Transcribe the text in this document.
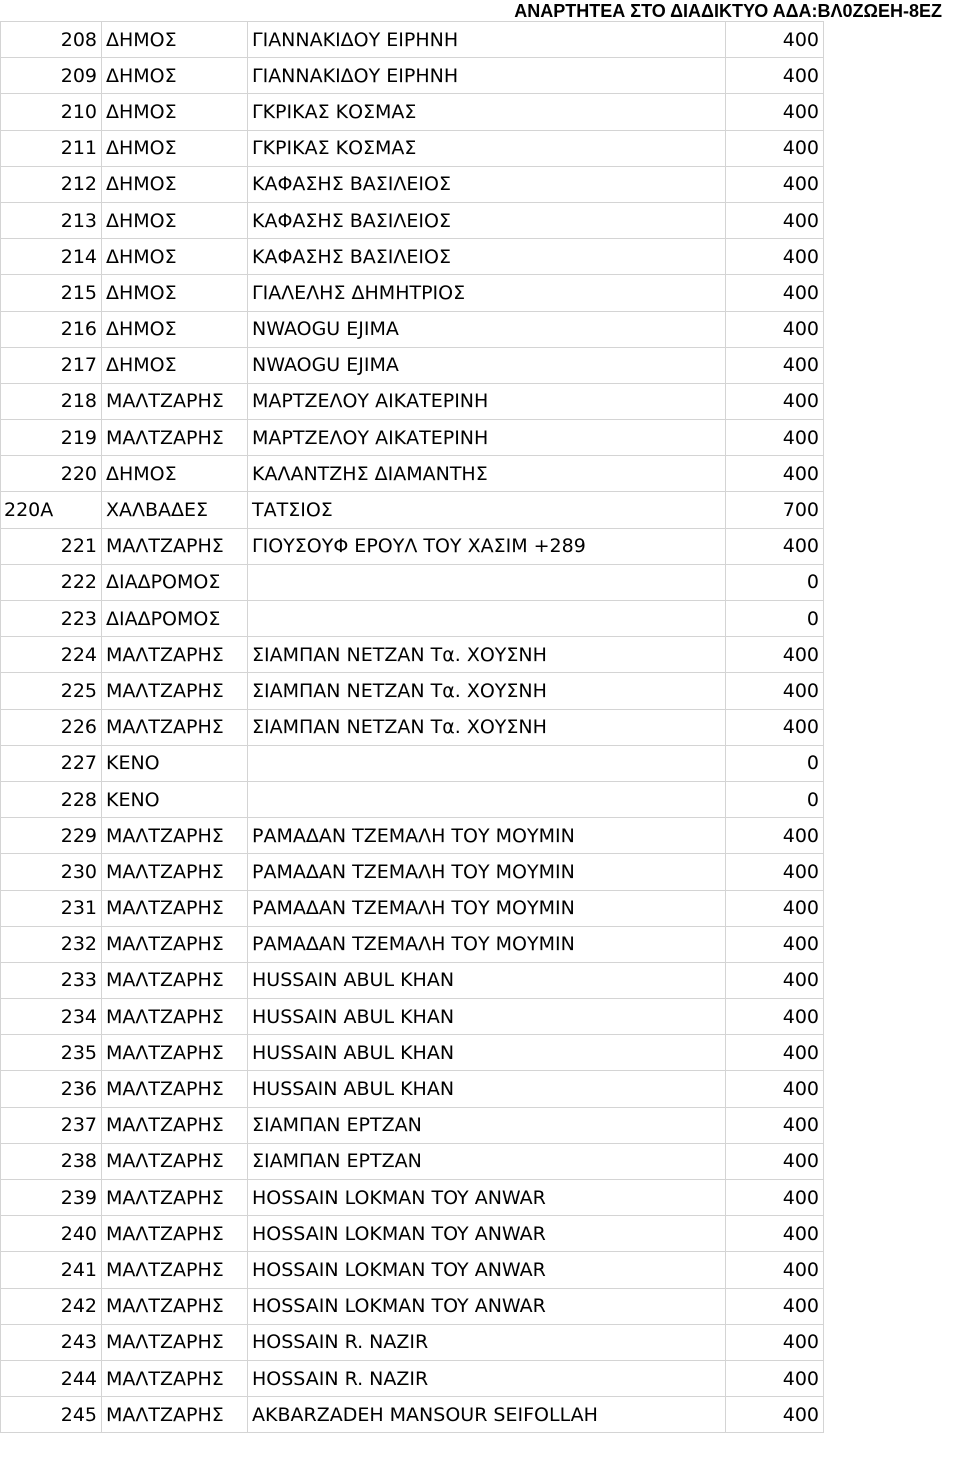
ΑΝΑΡΤΗΤΕΑ ΣΤΟ ΔΙΑΔΙΚΤΥΟ ΑΔΑ:ΒΛ0ΖΩΕΗ-8ΕΖ
208	ΔΗΜΟΣ	ΓΙΑΝΝΑΚΙΔΟΥ ΕΙΡΗΝΗ	400
209	ΔΗΜΟΣ	ΓΙΑΝΝΑΚΙΔΟΥ ΕΙΡΗΝΗ	400
210	ΔΗΜΟΣ	ΓΚΡΙΚΑΣ ΚΟΣΜΑΣ	400
211	ΔΗΜΟΣ	ΓΚΡΙΚΑΣ ΚΟΣΜΑΣ	400
212	ΔΗΜΟΣ	ΚΑΦΑΣΗΣ ΒΑΣΙΛΕΙΟΣ	400
213	ΔΗΜΟΣ	ΚΑΦΑΣΗΣ ΒΑΣΙΛΕΙΟΣ	400
214	ΔΗΜΟΣ	ΚΑΦΑΣΗΣ ΒΑΣΙΛΕΙΟΣ	400
215	ΔΗΜΟΣ	ΓΙΑΛΕΛΗΣ ΔΗΜΗΤΡΙΟΣ	400
216	ΔΗΜΟΣ	NWAOGU EJIMA	400
217	ΔΗΜΟΣ	NWAOGU EJIMA	400
218	ΜΑΛΤΖΑΡΗΣ	ΜΑΡΤΖΕΛΟΥ ΑΙΚΑΤΕΡΙΝΗ	400
219	ΜΑΛΤΖΑΡΗΣ	ΜΑΡΤΖΕΛΟΥ ΑΙΚΑΤΕΡΙΝΗ	400
220	ΔΗΜΟΣ	ΚΑΛΑΝΤΖΗΣ ΔΙΑΜΑΝΤΗΣ	400
220Α	ΧΑΛΒΑΔΕΣ	ΤΑΤΣΙΟΣ	700
221	ΜΑΛΤΖΑΡΗΣ	ΓΙΟΥΣΟΥΦ ΕΡΟΥΛ ΤΟΥ ΧΑΣΙΜ +289	400
222	ΔΙΑΔΡΟΜΟΣ		0
223	ΔΙΑΔΡΟΜΟΣ		0
224	ΜΑΛΤΖΑΡΗΣ	ΣΙΑΜΠΑΝ ΝΕΤΖΑΝ Τα. ΧΟΥΣΝΗ	400
225	ΜΑΛΤΖΑΡΗΣ	ΣΙΑΜΠΑΝ ΝΕΤΖΑΝ Τα. ΧΟΥΣΝΗ	400
226	ΜΑΛΤΖΑΡΗΣ	ΣΙΑΜΠΑΝ ΝΕΤΖΑΝ Τα. ΧΟΥΣΝΗ	400
227	ΚΕΝΟ		0
228	ΚΕΝΟ		0
229	ΜΑΛΤΖΑΡΗΣ	ΡΑΜΑΔΑΝ ΤΖΕΜΑΛΗ ΤΟΥ ΜΟΥΜΙΝ	400
230	ΜΑΛΤΖΑΡΗΣ	ΡΑΜΑΔΑΝ ΤΖΕΜΑΛΗ ΤΟΥ ΜΟΥΜΙΝ	400
231	ΜΑΛΤΖΑΡΗΣ	ΡΑΜΑΔΑΝ ΤΖΕΜΑΛΗ ΤΟΥ ΜΟΥΜΙΝ	400
232	ΜΑΛΤΖΑΡΗΣ	ΡΑΜΑΔΑΝ ΤΖΕΜΑΛΗ ΤΟΥ ΜΟΥΜΙΝ	400
233	ΜΑΛΤΖΑΡΗΣ	HUSSAIN ABUL KHAN	400
234	ΜΑΛΤΖΑΡΗΣ	HUSSAIN ABUL KHAN	400
235	ΜΑΛΤΖΑΡΗΣ	HUSSAIN ABUL KHAN	400
236	ΜΑΛΤΖΑΡΗΣ	HUSSAIN ABUL KHAN	400
237	ΜΑΛΤΖΑΡΗΣ	ΣΙΑΜΠΑΝ ΕΡΤΖΑΝ	400
238	ΜΑΛΤΖΑΡΗΣ	ΣΙΑΜΠΑΝ ΕΡΤΖΑΝ	400
239	ΜΑΛΤΖΑΡΗΣ	HOSSAIN LOKMAN TOY ANWAR	400
240	ΜΑΛΤΖΑΡΗΣ	HOSSAIN LOKMAN TOY ANWAR	400
241	ΜΑΛΤΖΑΡΗΣ	HOSSAIN LOKMAN TOY ANWAR	400
242	ΜΑΛΤΖΑΡΗΣ	HOSSAIN LOKMAN TOY ANWAR	400
243	ΜΑΛΤΖΑΡΗΣ	HOSSAIN R. NAZIR	400
244	ΜΑΛΤΖΑΡΗΣ	HOSSAIN R. NAZIR	400
245	ΜΑΛΤΖΑΡΗΣ	AKBARZADEH MANSOUR SEIFOLLAH	400
